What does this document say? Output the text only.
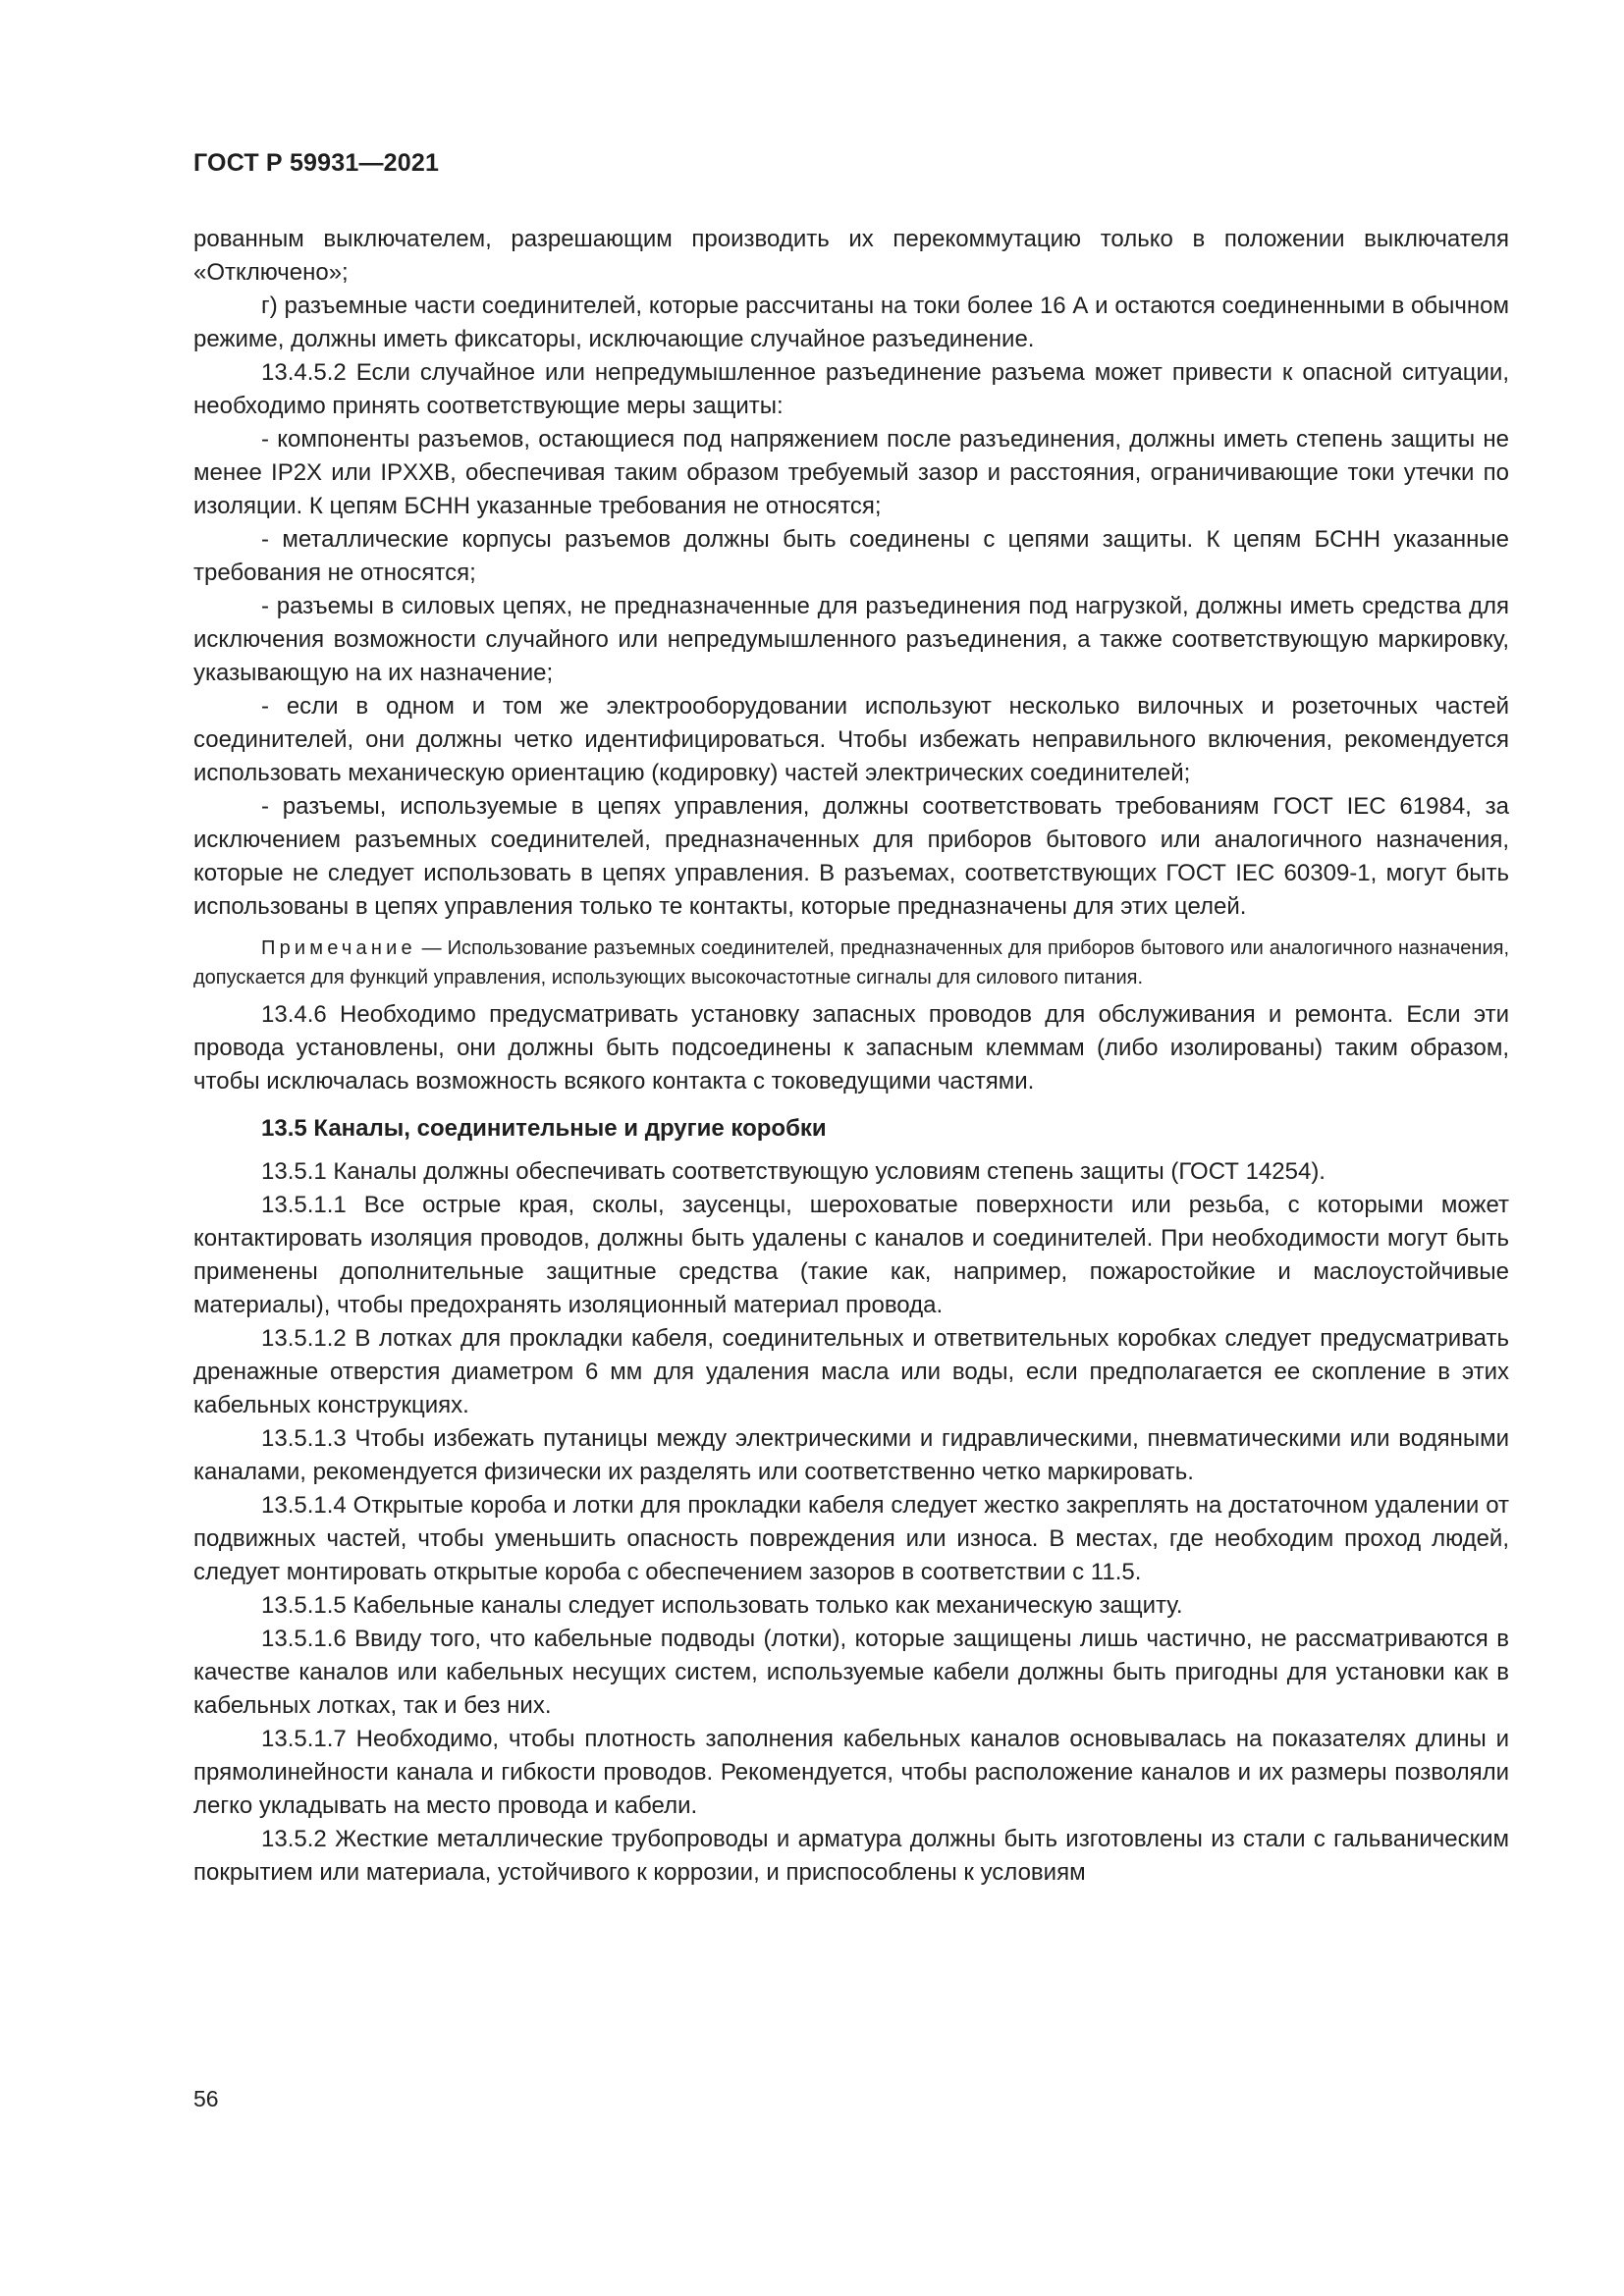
ГОСТ Р 59931—2021

рованным выключателем, разрешающим производить их перекоммутацию только в положении выключателя «Отключено»;

г) разъемные части соединителей, которые рассчитаны на токи более 16 А и остаются соединенными в обычном режиме, должны иметь фиксаторы, исключающие случайное разъединение.

13.4.5.2 Если случайное или непредумышленное разъединение разъема может привести к опасной ситуации, необходимо принять соответствующие меры защиты:

- компоненты разъемов, остающиеся под напряжением после разъединения, должны иметь степень защиты не менее IP2X или IPXXB, обеспечивая таким образом требуемый зазор и расстояния, ограничивающие токи утечки по изоляции. К цепям БСНН указанные требования не относятся;

- металлические корпусы разъемов должны быть соединены с цепями защиты. К цепям БСНН указанные требования не относятся;

- разъемы в силовых цепях, не предназначенные для разъединения под нагрузкой, должны иметь средства для исключения возможности случайного или непредумышленного разъединения, а также соответствующую маркировку, указывающую на их назначение;

- если в одном и том же электрооборудовании используют несколько вилочных и розеточных частей соединителей, они должны четко идентифицироваться. Чтобы избежать неправильного включения, рекомендуется использовать механическую ориентацию (кодировку) частей электрических соединителей;

- разъемы, используемые в цепях управления, должны соответствовать требованиям ГОСТ IEC 61984, за исключением разъемных соединителей, предназначенных для приборов бытового или аналогичного назначения, которые не следует использовать в цепях управления. В разъемах, соответствующих ГОСТ IEC 60309-1, могут быть использованы в цепях управления только те контакты, которые предназначены для этих целей.

Примечание — Использование разъемных соединителей, предназначенных для приборов бытового или аналогичного назначения, допускается для функций управления, использующих высокочастотные сигналы для силового питания.

13.4.6 Необходимо предусматривать установку запасных проводов для обслуживания и ремонта. Если эти провода установлены, они должны быть подсоединены к запасным клеммам (либо изолированы) таким образом, чтобы исключалась возможность всякого контакта с токоведущими частями.

13.5 Каналы, соединительные и другие коробки

13.5.1 Каналы должны обеспечивать соответствующую условиям степень защиты (ГОСТ 14254).

13.5.1.1 Все острые края, сколы, заусенцы, шероховатые поверхности или резьба, с которыми может контактировать изоляция проводов, должны быть удалены с каналов и соединителей. При необходимости могут быть применены дополнительные защитные средства (такие как, например, пожаростойкие и маслоустойчивые материалы), чтобы предохранять изоляционный материал провода.

13.5.1.2 В лотках для прокладки кабеля, соединительных и ответвительных коробках следует предусматривать дренажные отверстия диаметром 6 мм для удаления масла или воды, если предполагается ее скопление в этих кабельных конструкциях.

13.5.1.3 Чтобы избежать путаницы между электрическими и гидравлическими, пневматическими или водяными каналами, рекомендуется физически их разделять или соответственно четко маркировать.

13.5.1.4 Открытые короба и лотки для прокладки кабеля следует жестко закреплять на достаточном удалении от подвижных частей, чтобы уменьшить опасность повреждения или износа. В местах, где необходим проход людей, следует монтировать открытые короба с обеспечением зазоров в соответствии с 11.5.

13.5.1.5 Кабельные каналы следует использовать только как механическую защиту.

13.5.1.6 Ввиду того, что кабельные подводы (лотки), которые защищены лишь частично, не рассматриваются в качестве каналов или кабельных несущих систем, используемые кабели должны быть пригодны для установки как в кабельных лотках, так и без них.

13.5.1.7 Необходимо, чтобы плотность заполнения кабельных каналов основывалась на показателях длины и прямолинейности канала и гибкости проводов. Рекомендуется, чтобы расположение каналов и их размеры позволяли легко укладывать на место провода и кабели.

13.5.2 Жесткие металлические трубопроводы и арматура должны быть изготовлены из стали с гальваническим покрытием или материала, устойчивого к коррозии, и приспособлены к условиям

56
